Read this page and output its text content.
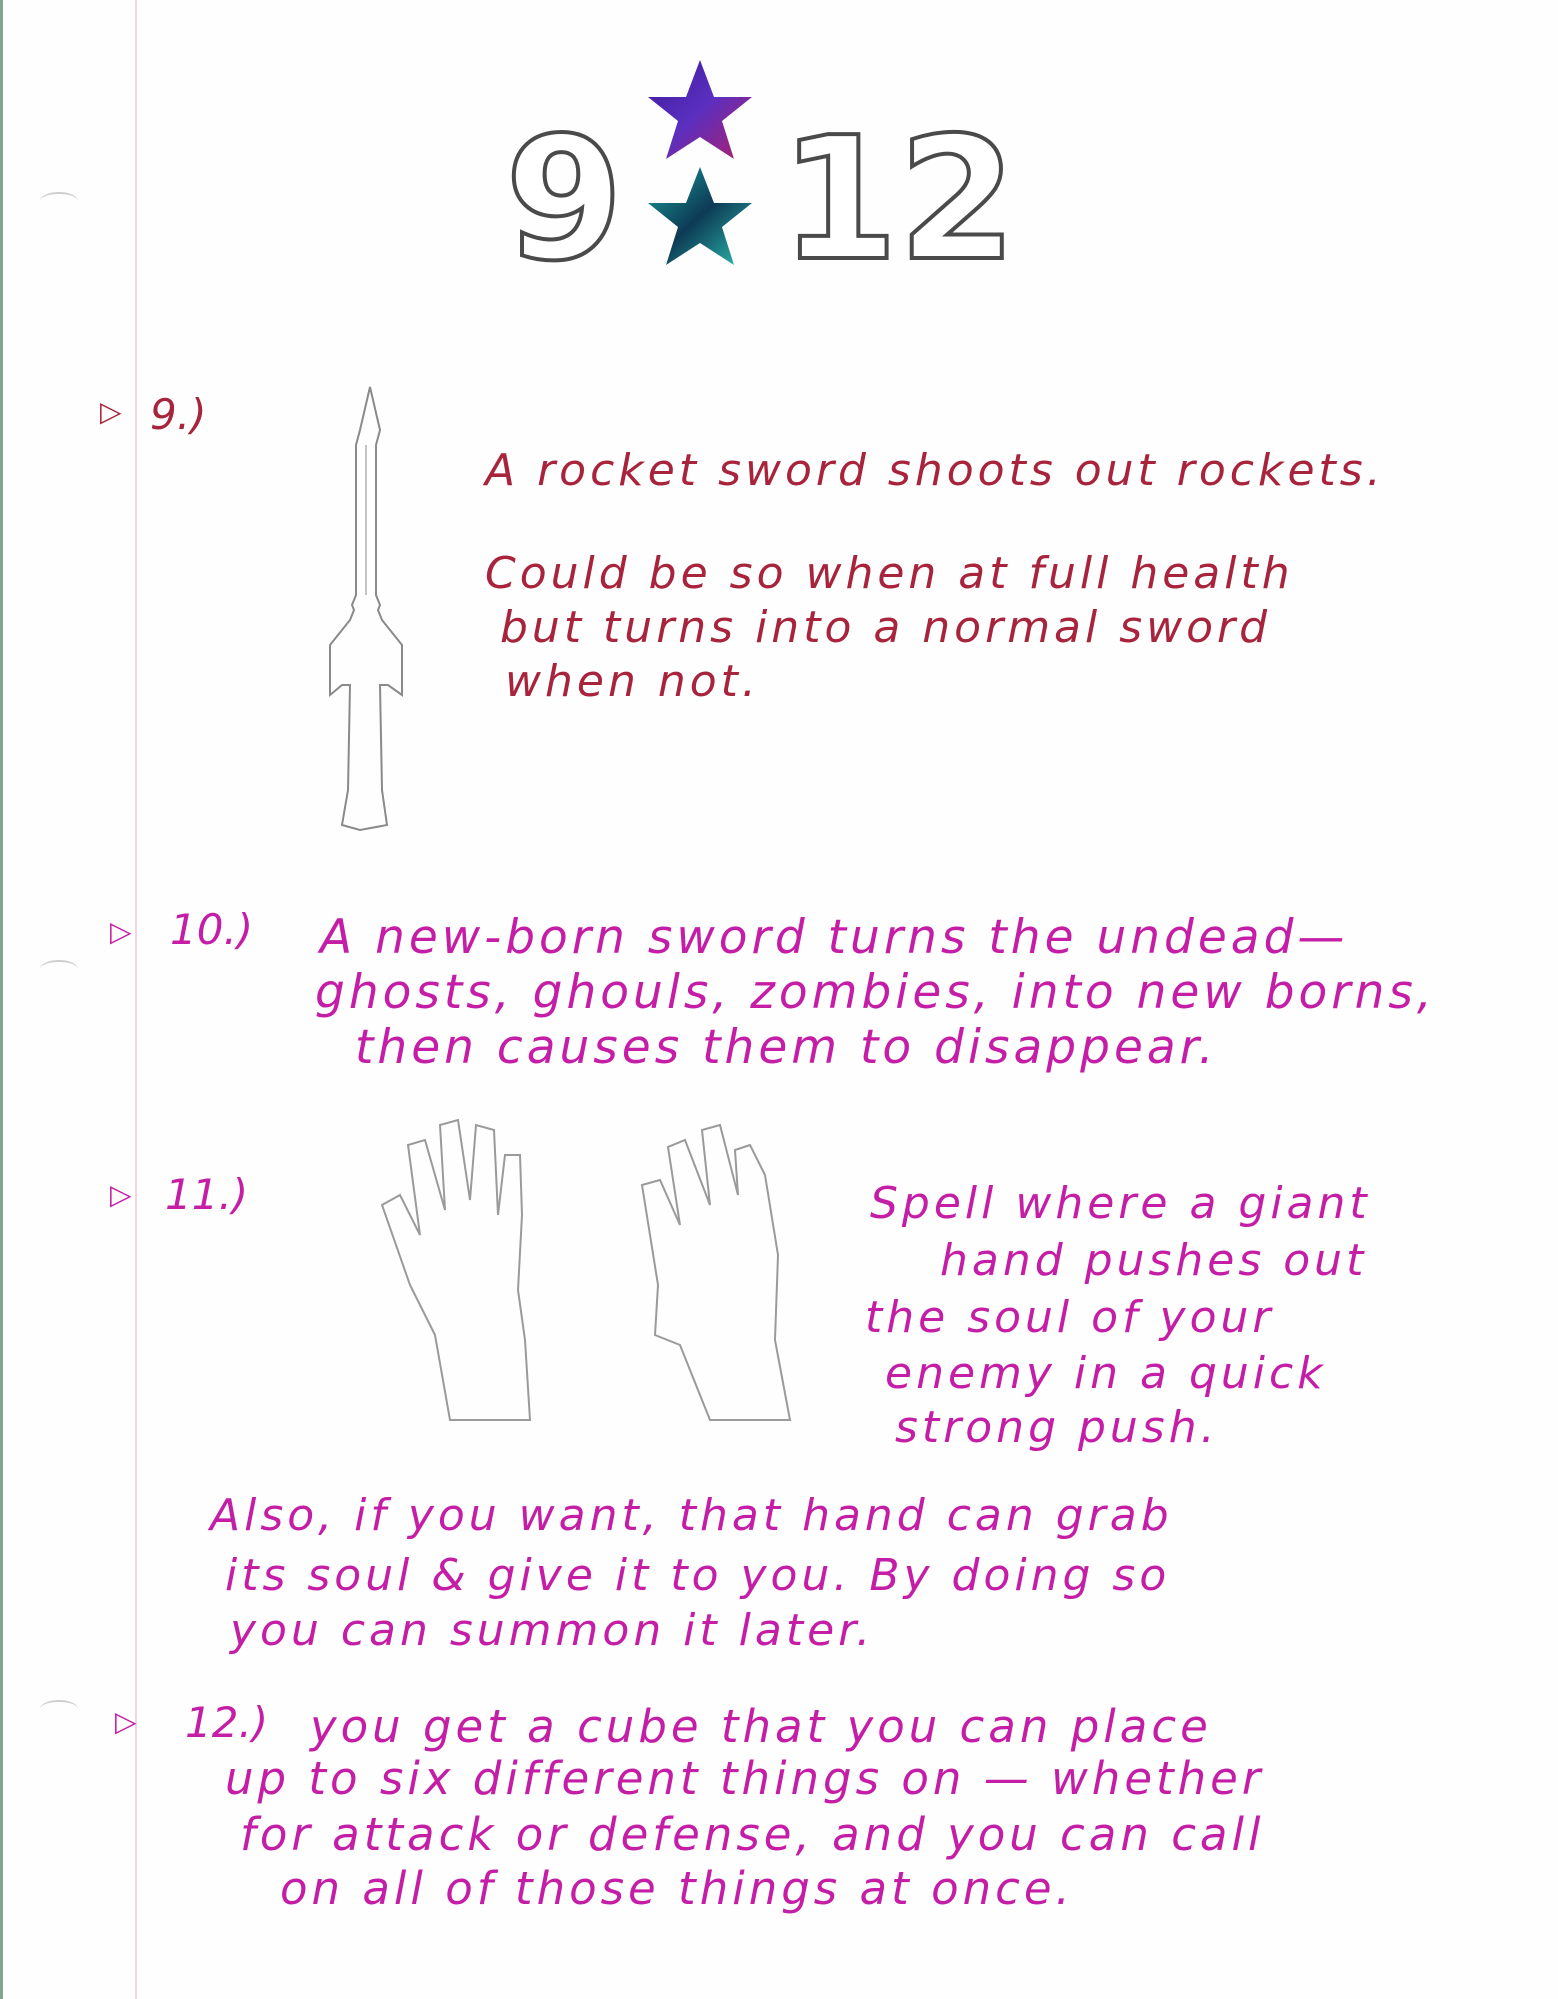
9 12
▷ 9.)
A rocket sword shoots out rockets.
Could be so when at full health
but turns into a normal sword
when not.
▷ 10.) A new-born sword turns the undead—
ghosts, ghouls, zombies, into new borns,
then causes them to disappear.
▷ 11.)	Spell where a giant
hand pushes out
the soul of your
enemy in a quick
strong push.
Also, if you want, that hand can grab
its soul & give it to you. By doing so
you can summon it later.
▷ 12.) you get a cube that you can place
up to six different things on — whether
for attack or defense, and you can call
on all of those things at once.
